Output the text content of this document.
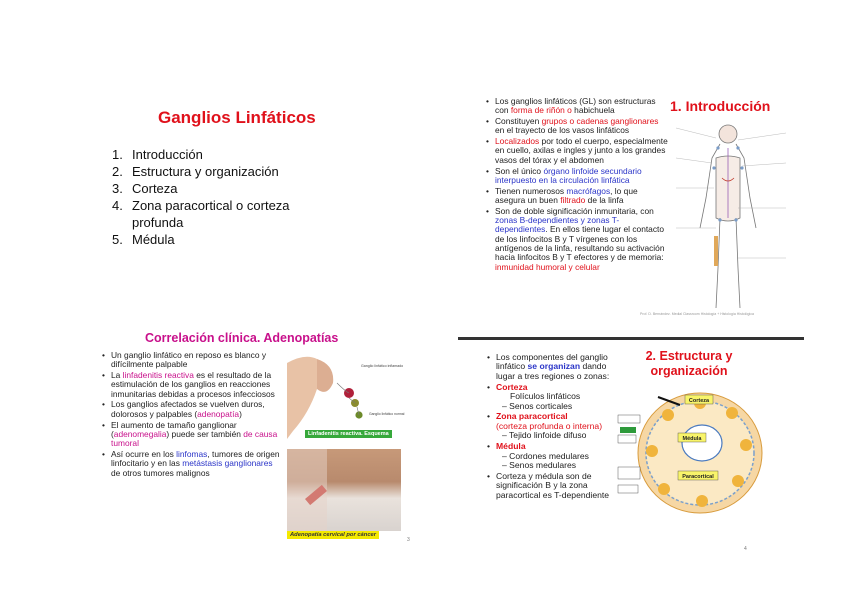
Ganglios Linfáticos
1. Introducción
2. Estructura y organización
3. Corteza
4. Zona paracortical o corteza profunda
5. Médula
• Los ganglios linfáticos (GL) son estructuras con forma de riñón o habichuela
• Constituyen grupos o cadenas ganglionares en el trayecto de los vasos linfáticos
• Localizados por todo el cuerpo, especialmente en cuello, axilas e ingles y junto a los grandes vasos del tórax y el abdomen
• Son el único órgano linfoide secundario interpuesto en la circulación linfática
• Tienen numerosos macrófagos, lo que asegura un buen filtrado de la linfa
• Son de doble significación inmunitaria, con zonas B-dependientes y zonas T-dependientes. En ellos tiene lugar el contacto de los linfocitos B y T vírgenes con los antígenos de la linfa, resultando su activación hacia linfocitos B y T efectores y de memoria: inmunidad humoral y celular
1. Introducción
Prof. D. Bernández. Medial Classroom Histología + Histología Histológica
Correlación clínica. Adenopatías
• Un ganglio linfático en reposo es blanco y difícilmente palpable
• La linfadenitis reactiva es el resultado de la estimulación de los ganglios en reacciones inmunitarias debidas a procesos infecciosos
• Los ganglios afectados se vuelven duros, dolorosos y palpables (adenopatía)
• El aumento de tamaño ganglionar (adenomegalia) puede ser también de causa tumoral
• Así ocurre en los linfomas, tumores de origen linfocitario y en las metástasis ganglionares de otros tumores malignos
Ganglio linfático inflamado
Ganglio linfático normal
Linfadenitis reactiva. Esquema
Adenopatía cervical por cáncer
3
• Los componentes del ganglio linfático se organizan dando lugar a tres regiones o zonas:
• Corteza
Folículos linfáticos
– Senos corticales
• Zona paracortical
(corteza profunda o interna)
– Tejido linfoide difuso
• Médula
– Cordones medulares
– Senos medulares
• Corteza y médula son de significación B y la zona paracortical es T-dependiente
2. Estructura y organización
Corteza
Médula
Paracortical
4
